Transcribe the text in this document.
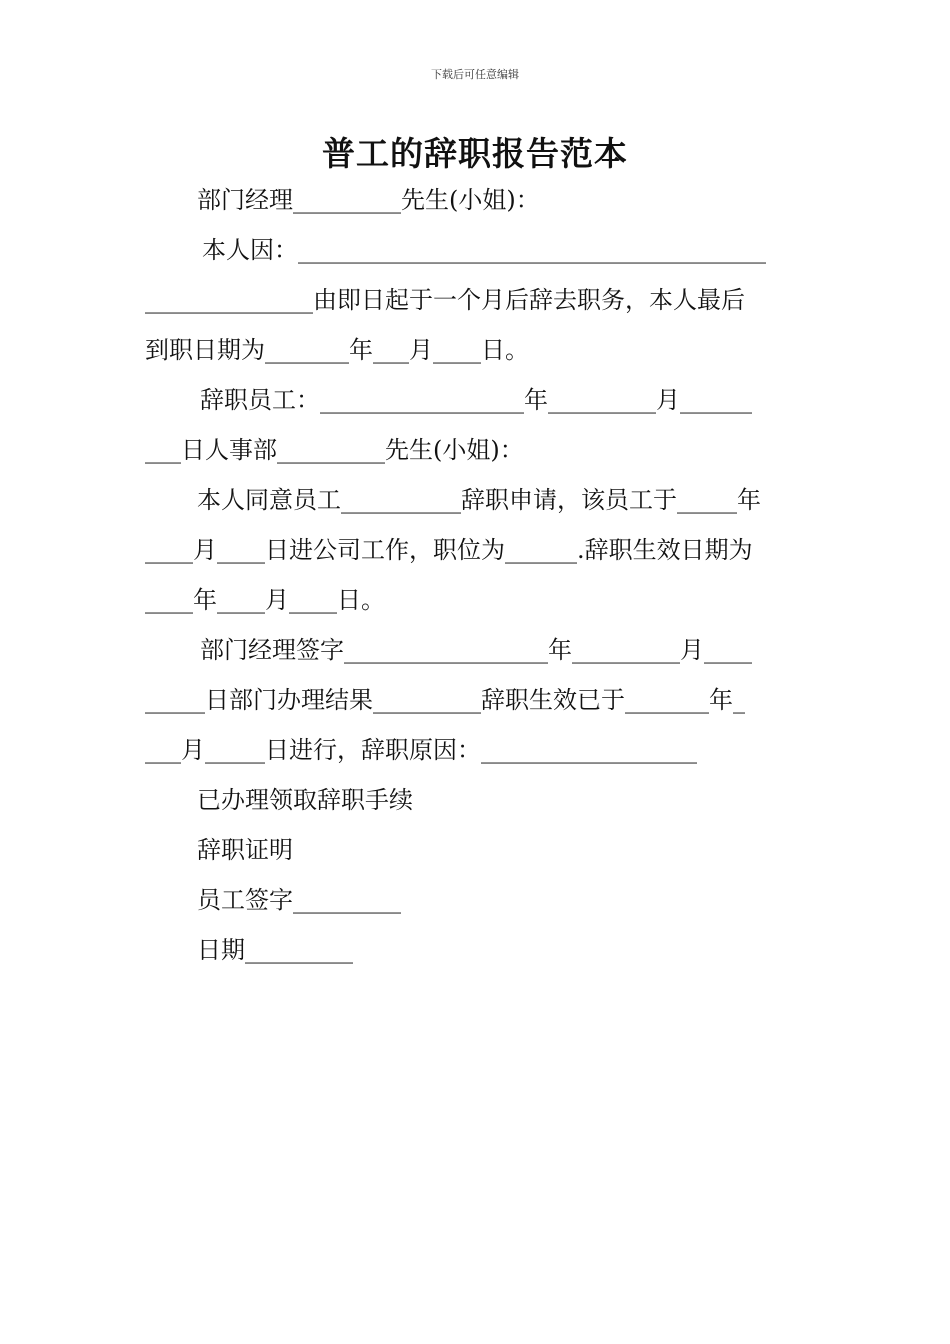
下载后可任意编辑
普工的辞职报告范本
部门经理_________先生(小姐)：
本人因：_______________________________________
______________由即日起于一个月后辞去职务，本人最后
到职日期为_______年___月____日。
辞职员工：_________________年_________月______
___日人事部_________先生(小姐)：
本人同意员工__________辞职申请，该员工于_____年
____月____日进公司工作，职位为______.辞职生效日期为
____年____月____日。
部门经理签字_________________年_________月____
_____日部门办理结果_________辞职生效已于_______年_
___月_____日进行，辞职原因：__________________
已办理领取辞职手续
辞职证明
员工签字_________
日期_________
